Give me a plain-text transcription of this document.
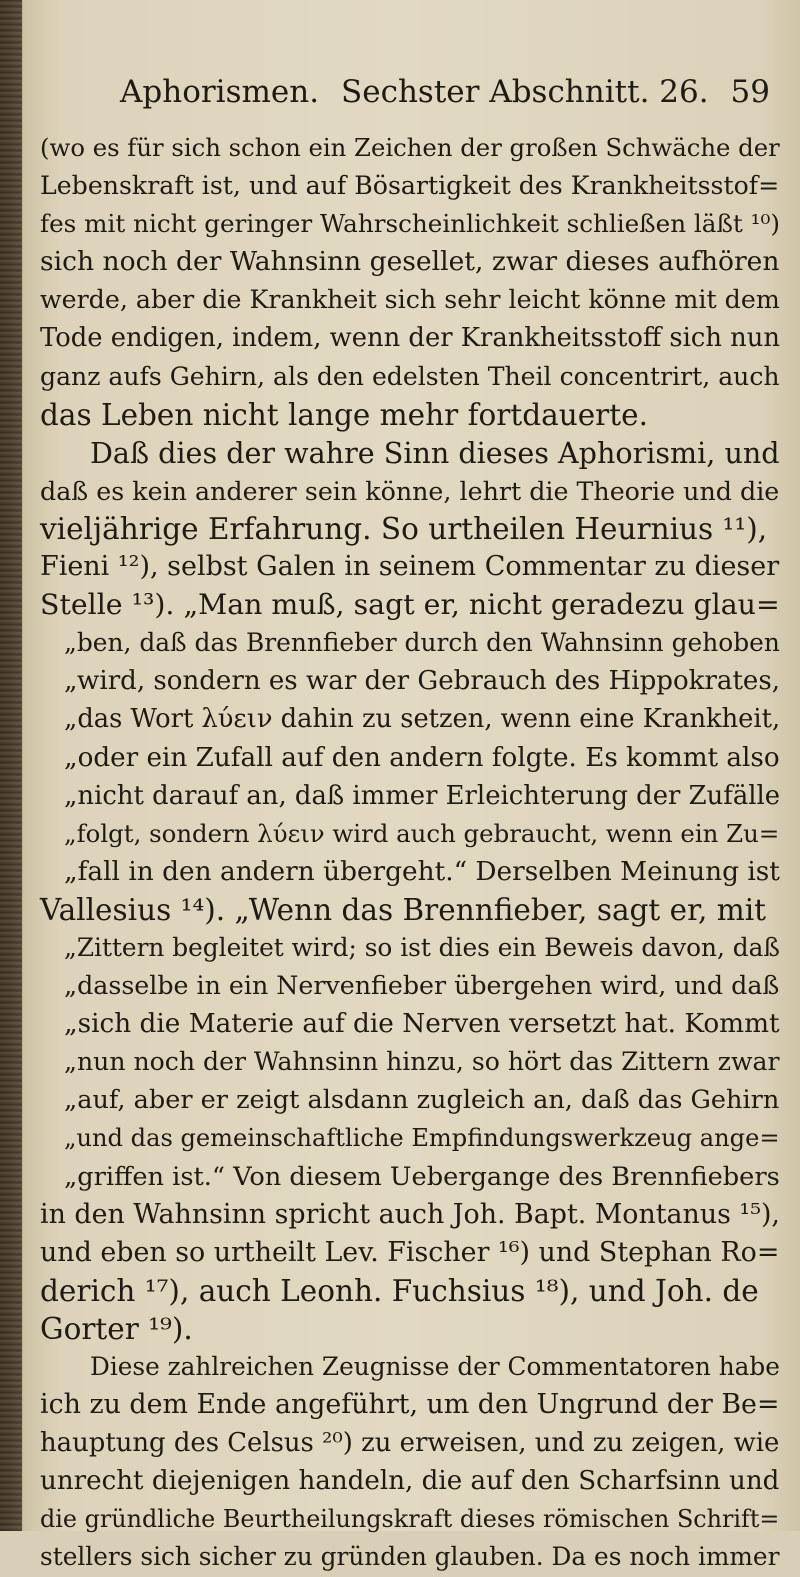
Aphorismen. Sechster Abschnitt. 26. 59
(wo es für sich schon ein Zeichen der großen Schwäche der
Lebenskraft ist, und auf Bösartigkeit des Krankheitsstof=
fes mit nicht geringer Wahrscheinlichkeit schließen läßt ¹⁰)
sich noch der Wahnsinn gesellet, zwar dieses aufhören
werde, aber die Krankheit sich sehr leicht könne mit dem
Tode endigen, indem, wenn der Krankheitsstoff sich nun
ganz aufs Gehirn, als den edelsten Theil concentrirt, auch
das Leben nicht lange mehr fortdauerte.
Daß dies der wahre Sinn dieses Aphorismi, und
daß es kein anderer sein könne, lehrt die Theorie und die
vieljährige Erfahrung. So urtheilen Heurnius ¹¹),
Fieni ¹²), selbst Galen in seinem Commentar zu dieser
Stelle ¹³). „Man muß, sagt er, nicht geradezu glau=
„ben, daß das Brennfieber durch den Wahnsinn gehoben
„wird, sondern es war der Gebrauch des Hippokrates,
„das Wort λύειν dahin zu setzen, wenn eine Krankheit,
„oder ein Zufall auf den andern folgte. Es kommt also
„nicht darauf an, daß immer Erleichterung der Zufälle
„folgt, sondern λύειν wird auch gebraucht, wenn ein Zu=
„fall in den andern übergeht.“ Derselben Meinung ist
Vallesius ¹⁴). „Wenn das Brennfieber, sagt er, mit
„Zittern begleitet wird; so ist dies ein Beweis davon, daß
„dasselbe in ein Nervenfieber übergehen wird, und daß
„sich die Materie auf die Nerven versetzt hat. Kommt
„nun noch der Wahnsinn hinzu, so hört das Zittern zwar
„auf, aber er zeigt alsdann zugleich an, daß das Gehirn
„und das gemeinschaftliche Empfindungswerkzeug ange=
„griffen ist.“ Von diesem Uebergange des Brennfiebers
in den Wahnsinn spricht auch Joh. Bapt. Montanus ¹⁵),
und eben so urtheilt Lev. Fischer ¹⁶) und Stephan Ro=
derich ¹⁷), auch Leonh. Fuchsius ¹⁸), und Joh. de
Gorter ¹⁹).
Diese zahlreichen Zeugnisse der Commentatoren habe
ich zu dem Ende angeführt, um den Ungrund der Be=
hauptung des Celsus ²⁰) zu erweisen, und zu zeigen, wie
unrecht diejenigen handeln, die auf den Scharfsinn und
die gründliche Beurtheilungskraft dieses römischen Schrift=
stellers sich sicher zu gründen glauben. Da es noch immer
